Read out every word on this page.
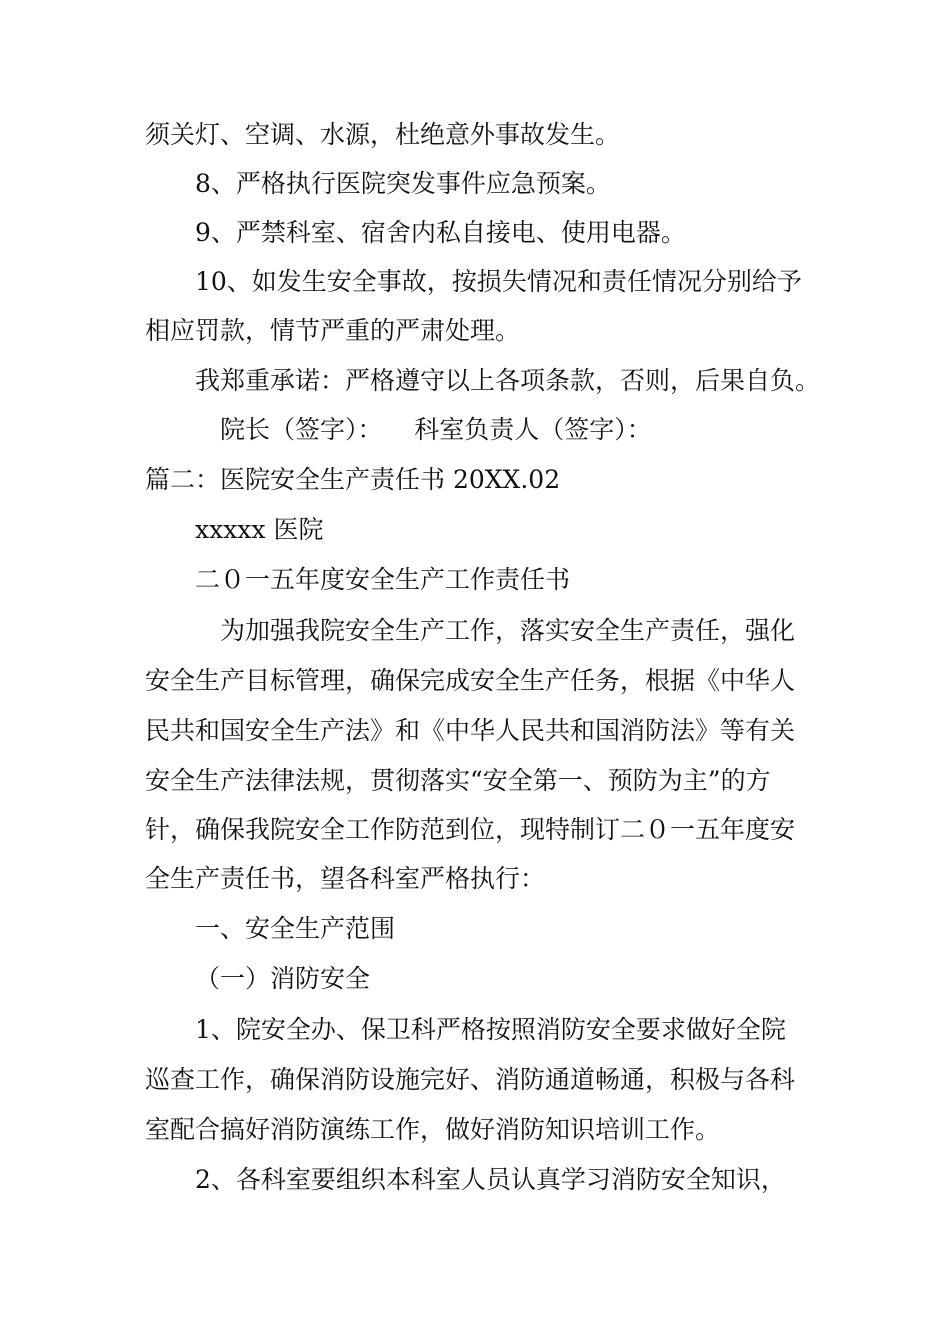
须关灯、空调、水源，杜绝意外事故发生。
8、严格执行医院突发事件应急预案。
9、严禁科室、宿舍内私自接电、使用电器。
10、如发生安全事故，按损失情况和责任情况分别给予
相应罚款，情节严重的严肃处理。
我郑重承诺：严格遵守以上各项条款，否则，后果自负。
院长（签字）：    科室负责人（签字）：
篇二：医院安全生产责任书 20XX.02
xxxxx 医院
二０一五年度安全生产工作责任书
为加强我院安全生产工作，落实安全生产责任，强化
安全生产目标管理，确保完成安全生产任务，根据《中华人
民共和国安全生产法》和《中华人民共和国消防法》等有关
安全生产法律法规，贯彻落实“安全第一、预防为主”的方
针，确保我院安全工作防范到位，现特制订二０一五年度安
全生产责任书，望各科室严格执行：
一、安全生产范围
（一）消防安全
1、院安全办、保卫科严格按照消防安全要求做好全院
巡查工作，确保消防设施完好、消防通道畅通，积极与各科
室配合搞好消防演练工作，做好消防知识培训工作。
2、各科室要组织本科室人员认真学习消防安全知识，
